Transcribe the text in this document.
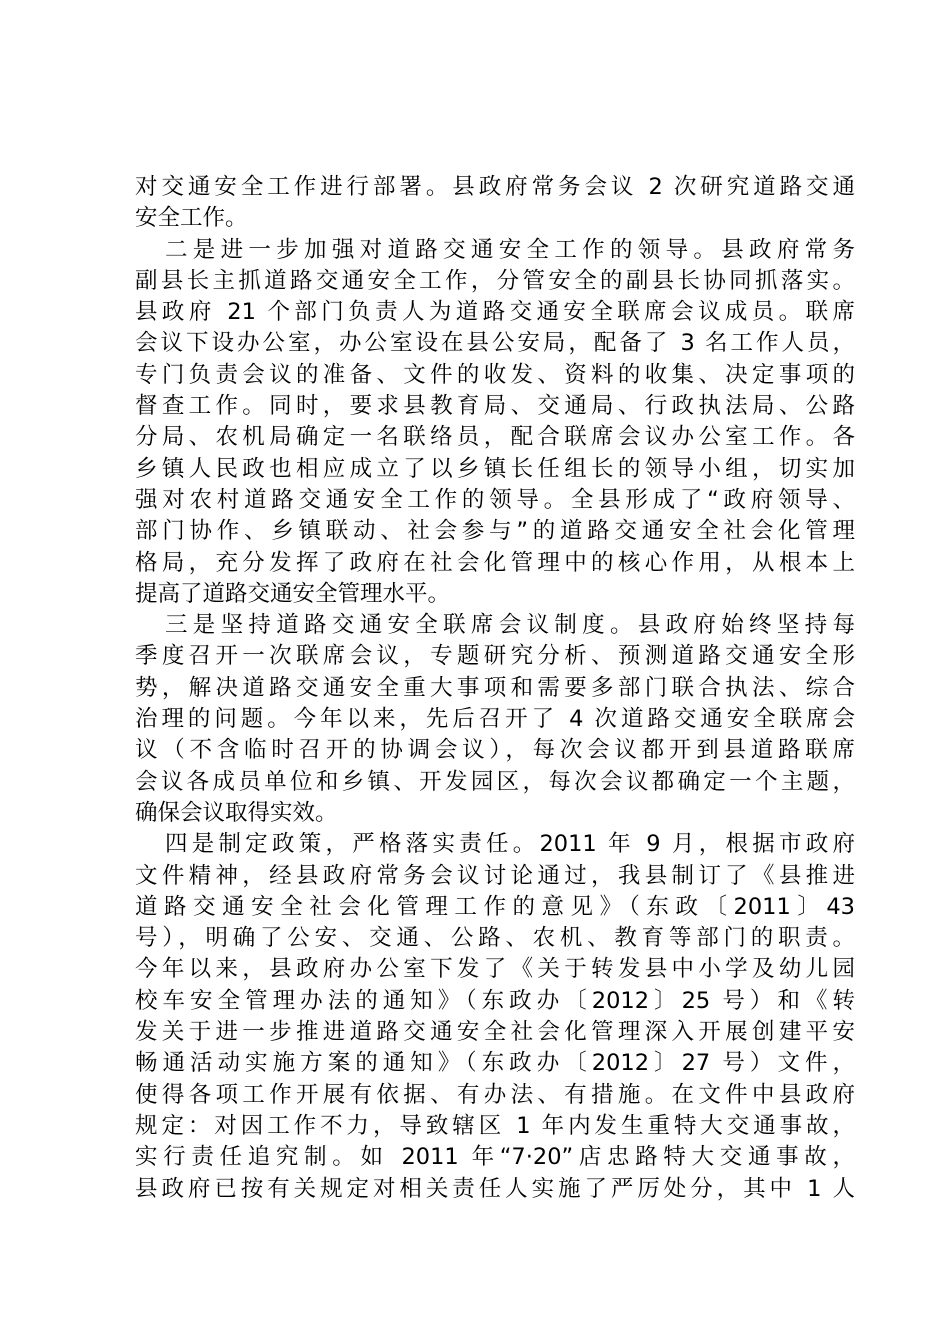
对交通安全工作进行部署。县政府常务会议 2 次研究道路交通
安全工作。
二是进一步加强对道路交通安全工作的领导。县政府常务
副县长主抓道路交通安全工作，分管安全的副县长协同抓落实。
县政府 21 个部门负责人为道路交通安全联席会议成员。联席
会议下设办公室，办公室设在县公安局，配备了 3 名工作人员，
专门负责会议的准备、文件的收发、资料的收集、决定事项的
督查工作。同时，要求县教育局、交通局、行政执法局、公路
分局、农机局确定一名联络员，配合联席会议办公室工作。各
乡镇人民政也相应成立了以乡镇长任组长的领导小组，切实加
强对农村道路交通安全工作的领导。全县形成了“政府领导、
部门协作、乡镇联动、社会参与”的道路交通安全社会化管理
格局，充分发挥了政府在社会化管理中的核心作用，从根本上
提高了道路交通安全管理水平。
三是坚持道路交通安全联席会议制度。县政府始终坚持每
季度召开一次联席会议，专题研究分析、预测道路交通安全形
势，解决道路交通安全重大事项和需要多部门联合执法、综合
治理的问题。今年以来，先后召开了 4 次道路交通安全联席会
议（不含临时召开的协调会议），每次会议都开到县道路联席
会议各成员单位和乡镇、开发园区，每次会议都确定一个主题，
确保会议取得实效。
四是制定政策，严格落实责任。2011 年 9 月，根据市政府
文件精神，经县政府常务会议讨论通过，我县制订了《县推进
道路交通安全社会化管理工作的意见》（东政〔2011〕43
号），明确了公安、交通、公路、农机、教育等部门的职责。
今年以来，县政府办公室下发了《关于转发县中小学及幼儿园
校车安全管理办法的通知》（东政办〔2012〕25 号）和《转
发关于进一步推进道路交通安全社会化管理深入开展创建平安
畅通活动实施方案的通知》（东政办〔2012〕27 号）文件，
使得各项工作开展有依据、有办法、有措施。在文件中县政府
规定：对因工作不力，导致辖区 1 年内发生重特大交通事故，
实行责任追究制。如 2011 年“7·20”店忠路特大交通事故，
县政府已按有关规定对相关责任人实施了严厉处分，其中 1 人
